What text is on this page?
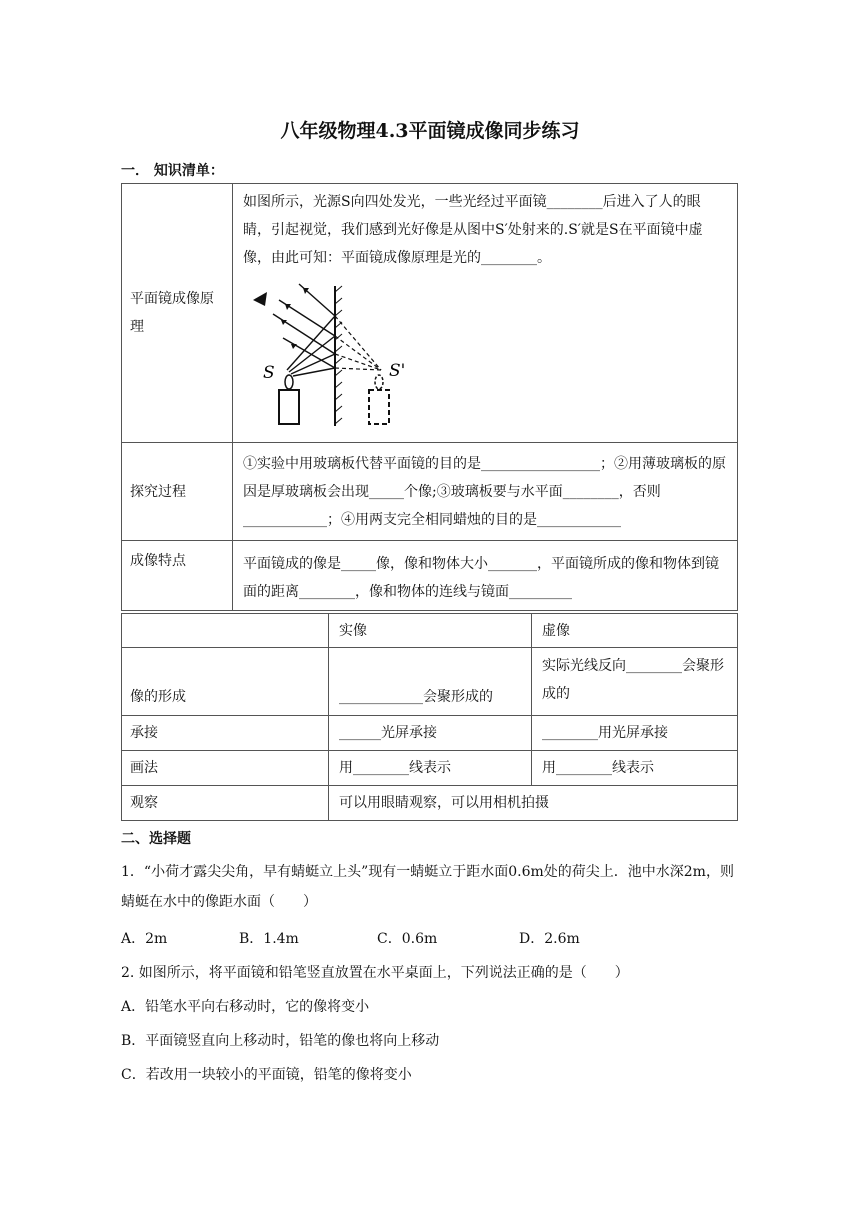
八年级物理4.3平面镜成像同步练习
一． 知识清单：
平面镜成像原理	如图所示，光源S向四处发光，一些光经过平面镜________后进入了人的眼睛，引起视觉，我们感到光好像是从图中S′处射来的.S′就是S在平面镜中虚像，由此可知：平面镜成像原理是光的________。
S S'

探究过程	①实验中用玻璃板代替平面镜的目的是_________________；②用薄玻璃板的原因是厚玻璃板会出现_____个像;③玻璃板要与水平面________，否则____________；④用两支完全相同蜡烛的目的是____________
成像特点	平面镜成的像是_____像，像和物体大小_______，平面镜所成的像和物体到镜面的距离________，像和物体的连线与镜面_________
	实像	虚像
像的形成	____________会聚形成的	实际光线反向________会聚形成的
承接	______光屏承接	________用光屏承接
画法	用________线表示	用________线表示
观察	可以用眼睛观察，可以用相机拍摄	
二、选择题
1．“小荷才露尖尖角，早有蜻蜓立上头”现有一蜻蜓立于距水面0.6m处的荷尖上．池中水深2m，则蜻蜓在水中的像距水面（　　）
A．2m	B．1.4m	C．0.6m	D．2.6m
2. 如图所示，将平面镜和铅笔竖直放置在水平桌面上，下列说法正确的是（　　）
A．铅笔水平向右移动时，它的像将变小
B．平面镜竖直向上移动时，铅笔的像也将向上移动
C．若改用一块较小的平面镜，铅笔的像将变小
